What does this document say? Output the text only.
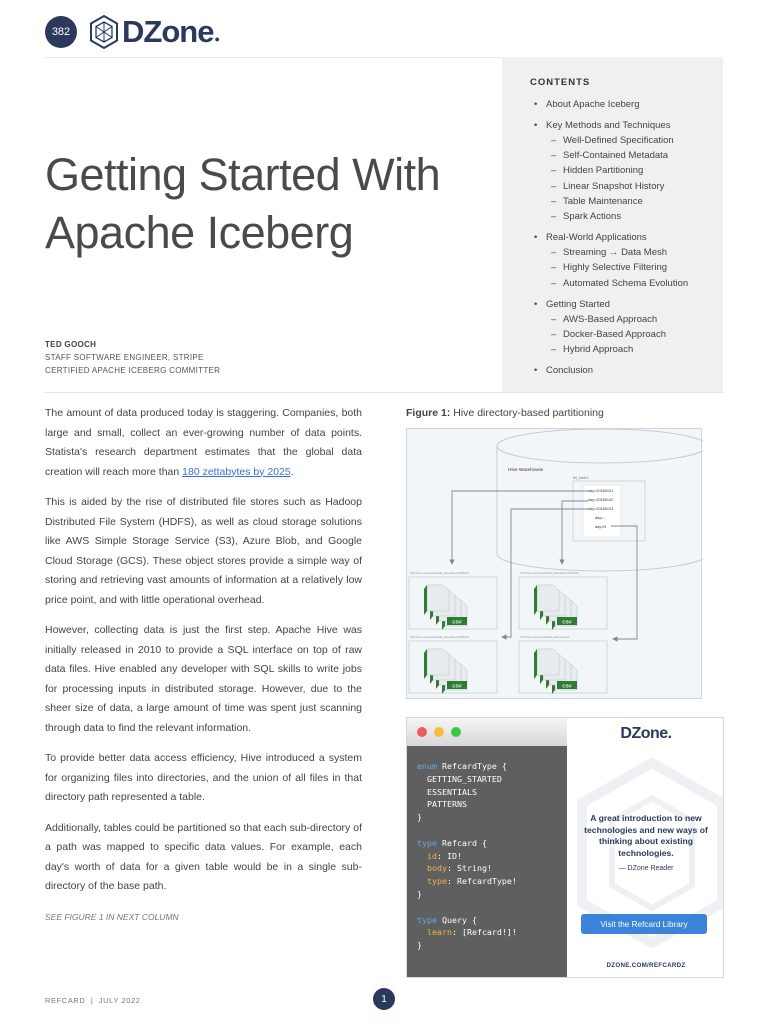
382 DZone ●
Getting Started With
Apache Iceberg
TED GOOCH
STAFF SOFTWARE ENGINEER, STRIPE
CERTIFIED APACHE ICEBERG COMMITTER
CONTENTS
• About Apache Iceberg
• Key Methods and Techniques
– Well-Defined Specification
– Self-Contained Metadata
– Hidden Partitioning
– Linear Snapshot History
– Table Maintenance
– Spark Actions
• Real-World Applications
– Streaming → Data Mesh
– Highly Selective Filtering
– Automated Schema Evolution
• Getting Started
– AWS-Based Approach
– Docker-Based Approach
– Hybrid Approach
• Conclusion

The amount of data produced today is staggering. Companies, both large and small, collect an ever-growing number of data points. Statista's research department estimates that the global data creation will reach more than 180 zettabytes by 2025.

This is aided by the rise of distributed file stores such as Hadoop Distributed File System (HDFS), as well as cloud storage solutions like AWS Simple Storage Service (S3), Azure Blob, and Google Cloud Storage (GCS). These object stores provide a simple way of storing and retrieving vast amounts of information at a relatively low price point, and with little operational overhead.

However, collecting data is just the first step. Apache Hive was initially released in 2010 to provide a SQL interface on top of raw data files. Hive enabled any developer with SQL skills to write jobs for processing inputs in distributed storage. However, due to the sheer size of data, a large amount of time was spent just scanning through data to find the relevant information.

To provide better data access efficiency, Hive introduced a system for organizing files into directories, and the union of all files in that directory path represented a table.

Additionally, tables could be partitioned so that each sub-directory of a path was mapped to specific data values. For example, each day's worth of data for a given table would be in a single sub-directory of the base path.

SEE FIGURE 1 IN NEXT COLUMN
Figure 1: Hive directory-based partitioning
Hive Warehouse
tbl_table1
day=20180101
day=20180102
day=20180103
day=...
day=N
hdfs://hive-warehouse/db/tbl_table1/day=20180101
CSV
hdfs://hive-warehouse/db/tbl_table1/day=20180102
CSV
hdfs://hive-warehouse/db/tbl_table1/day=20180103
CSV
hdfs://hive-warehouse/db/tbl_table1/day=N
CSV
enum RefcardType {
GETTING_STARTED
ESSENTIALS
PATTERNS
}

type Refcard {
id: ID!
body: String!
type: RefcardType!
}

type Query {
learn: [Refcard!]!
}
DZone.
A great introduction to new technologies and new ways of thinking about existing technologies.
— DZone Reader
Visit the Refcard Library
DZONE.COM/REFCARDZ
REFCARD  |  JULY 2022	1
